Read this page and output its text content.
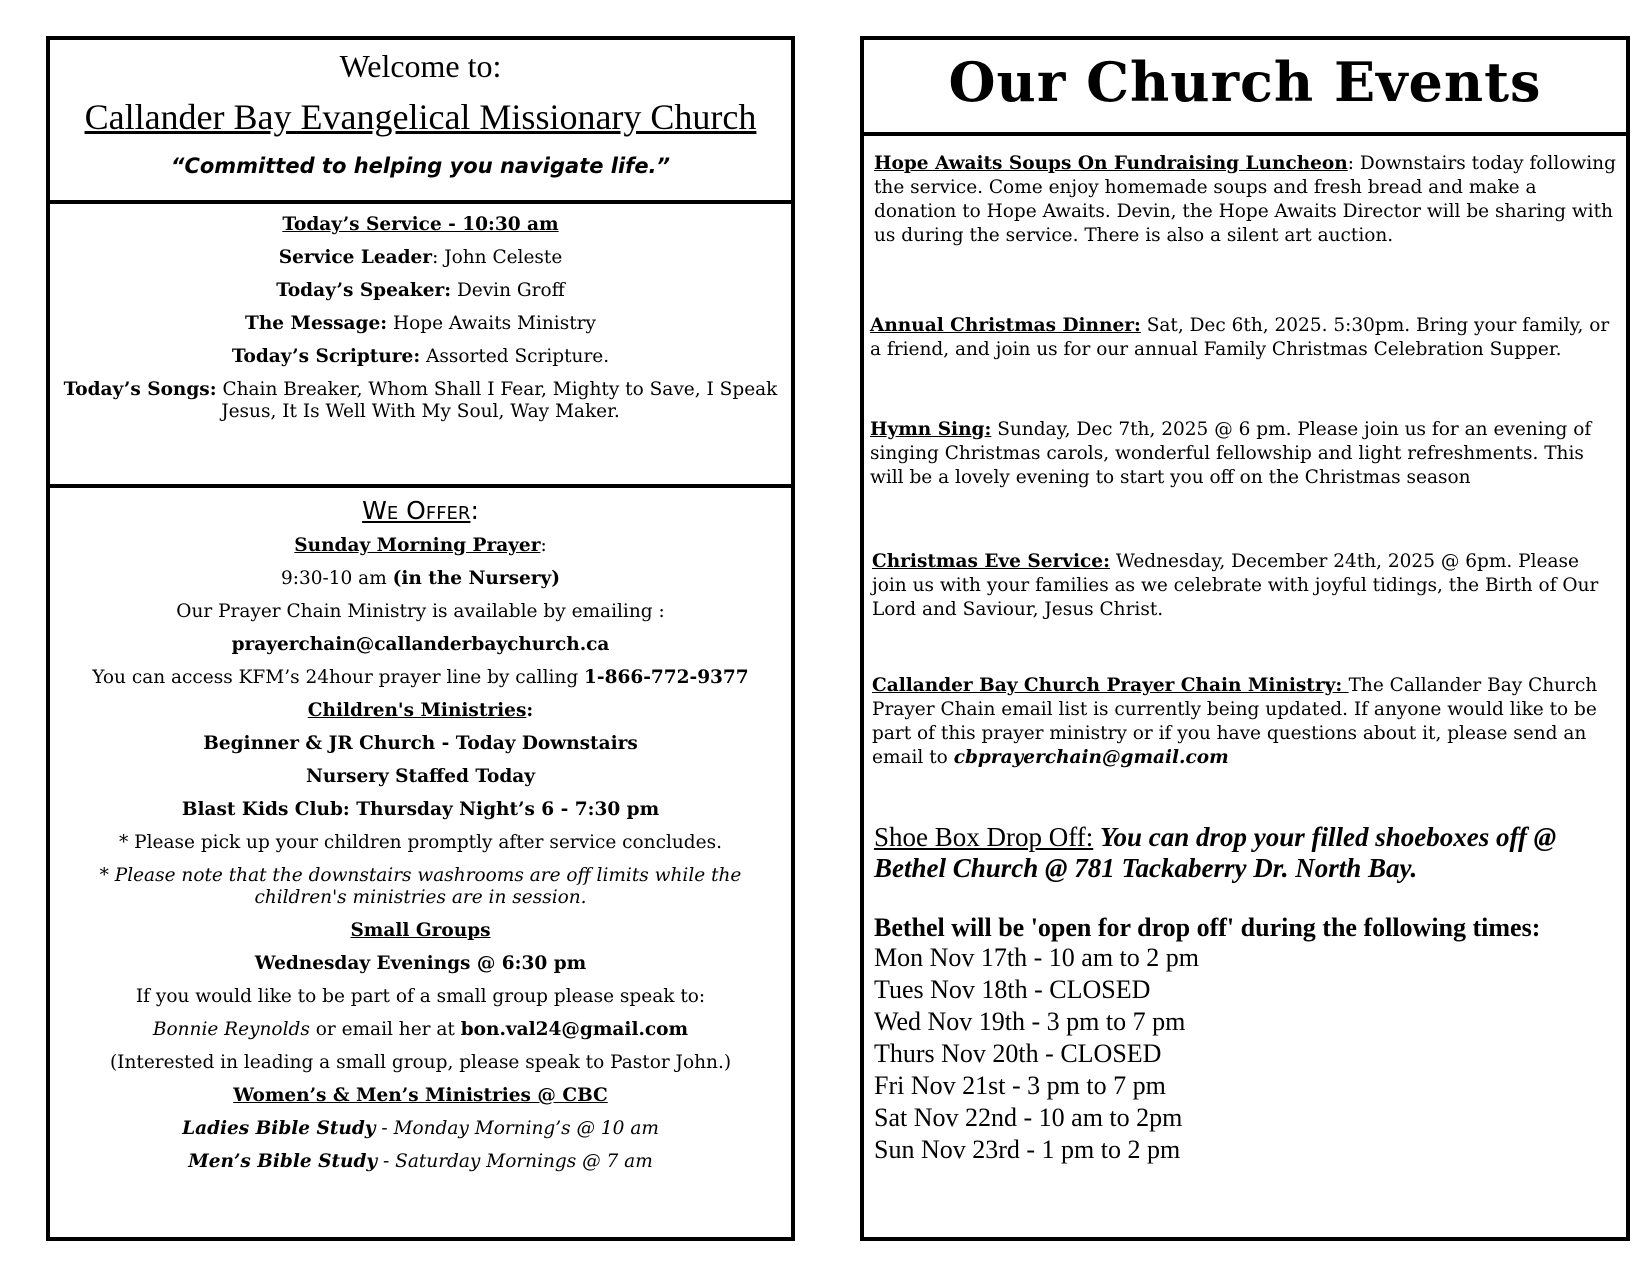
Welcome to:
Callander Bay Evangelical Missionary Church
“Committed to helping you navigate life.”

Today’s Service - 10:30 am

Service Leader: John Celeste

Today’s Speaker: Devin Groff

The Message: Hope Awaits Ministry

Today’s Scripture: Assorted Scripture.

Today’s Songs: Chain Breaker, Whom Shall I Fear, Mighty to Save, I Speak Jesus, It Is Well With My Soul, Way Maker.

We Offer:

Sunday Morning Prayer:

9:30-10 am (in the Nursery)

Our Prayer Chain Ministry is available by emailing :

prayerchain@callanderbaychurch.ca

You can access KFM’s 24hour prayer line by calling 1-866-772-9377

Children's Ministries:

Beginner & JR Church - Today Downstairs

Nursery Staffed Today

Blast Kids Club: Thursday Night’s 6 - 7:30 pm

* Please pick up your children promptly after service concludes.

* Please note that the downstairs washrooms are off limits while the children's ministries are in session.

Small Groups

Wednesday Evenings @ 6:30 pm

If you would like to be part of a small group please speak to:

Bonnie Reynolds or email her at bon.val24@gmail.com

(Interested in leading a small group, please speak to Pastor John.)

Women’s & Men’s Ministries @ CBC

Ladies Bible Study - Monday Morning’s @ 10 am

Men’s Bible Study - Saturday Mornings @ 7 am

Our Church Events
Hope Awaits Soups On Fundraising Luncheon: Downstairs today following the service. Come enjoy homemade soups and fresh bread and make a donation to Hope Awaits. Devin, the Hope Awaits Director will be sharing with us during the service. There is also a silent art auction.
Annual Christmas Dinner: Sat, Dec 6th, 2025. 5:30pm. Bring your family, or a friend, and join us for our annual Family Christmas Celebration Supper.
Hymn Sing: Sunday, Dec 7th, 2025 @ 6 pm. Please join us for an evening of singing Christmas carols, wonderful fellowship and light refreshments. This will be a lovely evening to start you off on the Christmas season
Christmas Eve Service: Wednesday, December 24th, 2025 @ 6pm. Please join us with your families as we celebrate with joyful tidings, the Birth of Our Lord and Saviour, Jesus Christ.
Callander Bay Church Prayer Chain Ministry: The Callander Bay Church Prayer Chain email list is currently being updated. If anyone would like to be part of this prayer ministry or if you have questions about it, please send an email to cbprayerchain@gmail.com
Shoe Box Drop Off: You can drop your filled shoeboxes off @ Bethel Church @ 781 Tackaberry Dr. North Bay.
Bethel will be 'open for drop off' during the following times:
Mon Nov 17th - 10 am to 2 pm
Tues Nov 18th - CLOSED
Wed Nov 19th - 3 pm to 7 pm
Thurs Nov 20th - CLOSED
Fri Nov 21st - 3 pm to 7 pm
Sat Nov 22nd - 10 am to 2pm
Sun Nov 23rd - 1 pm to 2 pm
